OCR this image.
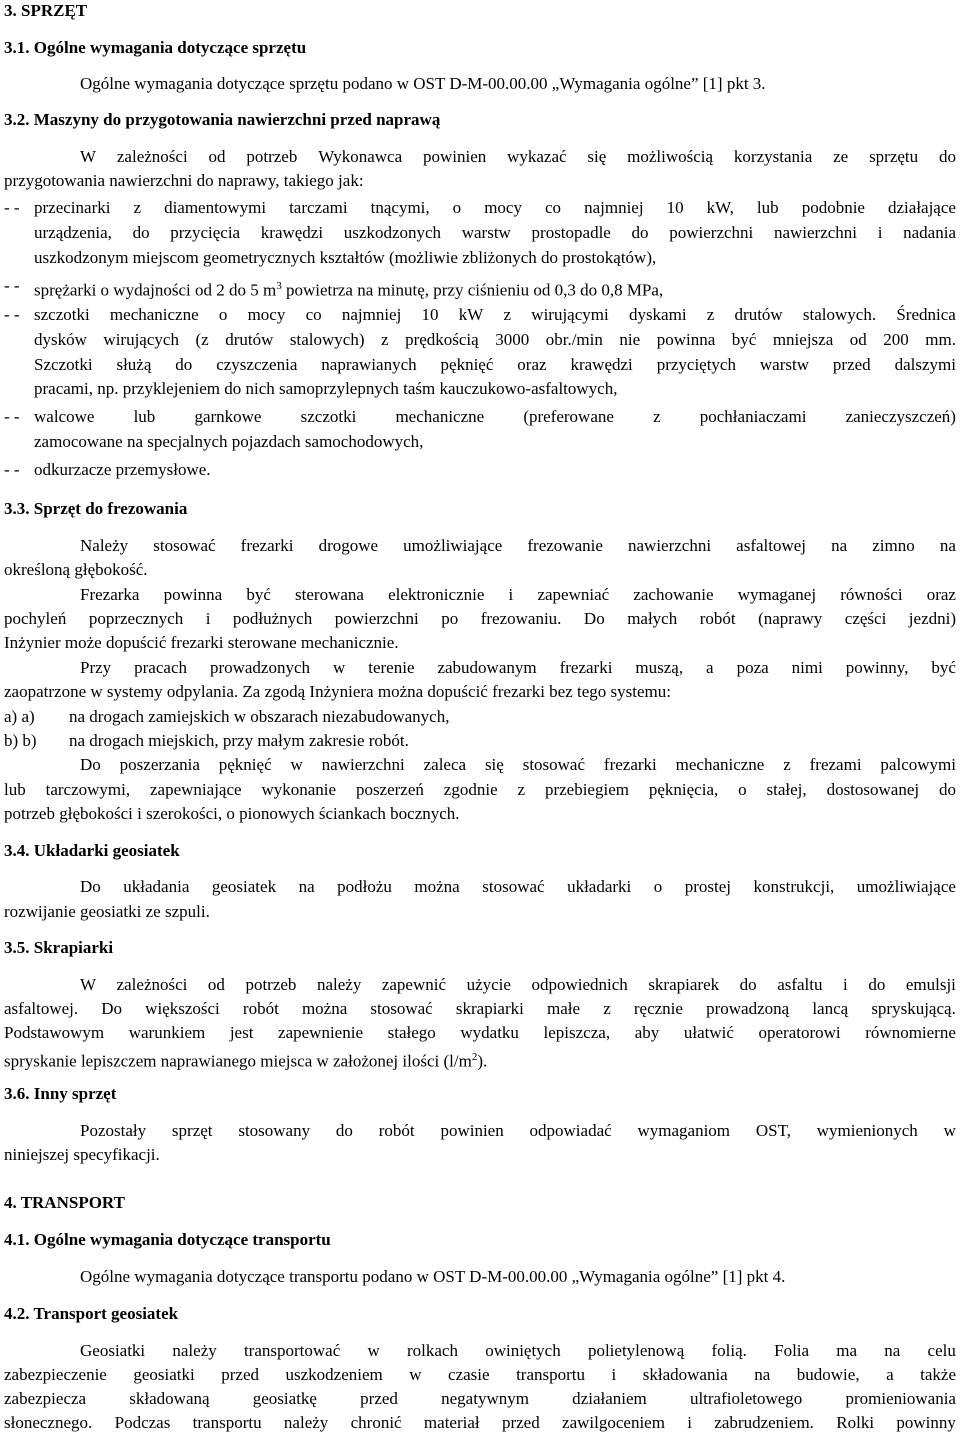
3. SPRZĘT
3.1. Ogólne wymagania dotyczące sprzętu
Ogólne wymagania dotyczące sprzętu podano w OST D-M-00.00.00 „Wymagania ogólne” [1] pkt 3.
3.2. Maszyny do przygotowania nawierzchni przed naprawą
W zależności od potrzeb Wykonawca powinien wykazać się możliwością korzystania ze sprzętu do
przygotowania nawierzchni do naprawy, takiego jak:
- - przecinarki z diamentowymi tarczami tnącymi, o mocy co najmniej 10 kW, lub podobnie działające
urządzenia, do przycięcia krawędzi uszkodzonych warstw prostopadle do powierzchni nawierzchni i nadania
uszkodzonym miejscom geometrycznych kształtów (możliwie zbliżonych do prostokątów),
- - sprężarki o wydajności od 2 do 5 $m^3$ powietrza na minutę, przy ciśnieniu od 0,3 do 0,8 MPa,
- - szczotki mechaniczne o mocy co najmniej 10 kW z wirującymi dyskami z drutów stalowych. Średnica
dysków wirujących (z drutów stalowych) z prędkością 3000 obr./min nie powinna być mniejsza od 200 mm.
Szczotki służą do czyszczenia naprawianych pęknięć oraz krawędzi przyciętych warstw przed dalszymi
pracami, np. przyklejeniem do nich samoprzylepnych taśm kauczukowo-asfaltowych,
- - walcowe lub garnkowe szczotki mechaniczne (preferowane z pochłaniaczami zanieczyszczeń)
zamocowane na specjalnych pojazdach samochodowych,
- - odkurzacze przemysłowe.
3.3. Sprzęt do frezowania
Należy stosować frezarki drogowe umożliwiające frezowanie nawierzchni asfaltowej na zimno na
określoną głębokość.
Frezarka powinna być sterowana elektronicznie i zapewniać zachowanie wymaganej równości oraz
pochyleń poprzecznych i podłużnych powierzchni po frezowaniu. Do małych robót (naprawy części jezdni)
Inżynier może dopuścić frezarki sterowane mechanicznie.
Przy pracach prowadzonych w terenie zabudowanym frezarki muszą, a poza nimi powinny, być
zaopatrzone w systemy odpylania. Za zgodą Inżyniera można dopuścić frezarki bez tego systemu:
a) a) na drogach zamiejskich w obszarach niezabudowanych,
b) b) na drogach miejskich, przy małym zakresie robót.
Do poszerzania pęknięć w nawierzchni zaleca się stosować frezarki mechaniczne z frezami palcowymi
lub tarczowymi, zapewniające wykonanie poszerzeń zgodnie z przebiegiem pęknięcia, o stałej, dostosowanej do
potrzeb głębokości i szerokości, o pionowych ściankach bocznych.
3.4. Układarki geosiatek
Do układania geosiatek na podłożu można stosować układarki o prostej konstrukcji, umożliwiające
rozwijanie geosiatki ze szpuli.
3.5. Skrapiarki
W zależności od potrzeb należy zapewnić użycie odpowiednich skrapiarek do asfaltu i do emulsji
asfaltowej. Do większości robót można stosować skrapiarki małe z ręcznie prowadzoną lancą spryskującą.
Podstawowym warunkiem jest zapewnienie stałego wydatku lepiszcza, aby ułatwić operatorowi równomierne
spryskanie lepiszczem naprawianego miejsca w założonej ilości $(l/m^2)$.
3.6. Inny sprzęt
Pozostały sprzęt stosowany do robót powinien odpowiadać wymaganiom OST, wymienionych w
niniejszej specyfikacji.
4. TRANSPORT
4.1. Ogólne wymagania dotyczące transportu
Ogólne wymagania dotyczące transportu podano w OST D-M-00.00.00 „Wymagania ogólne” [1] pkt 4.
4.2. Transport geosiatek
Geosiatki należy transportować w rolkach owiniętych polietylenową folią. Folia ma na celu
zabezpieczenie geosiatki przed uszkodzeniem w czasie transportu i składowania na budowie, a także
zabezpiecza	składowaną	geosiatkę	przed	negatywnym	działaniem	ultrafioletowego	promieniowania
słonecznego. Podczas transportu należy chronić materiał przed zawilgoceniem i zabrudzeniem. Rolki powinny
